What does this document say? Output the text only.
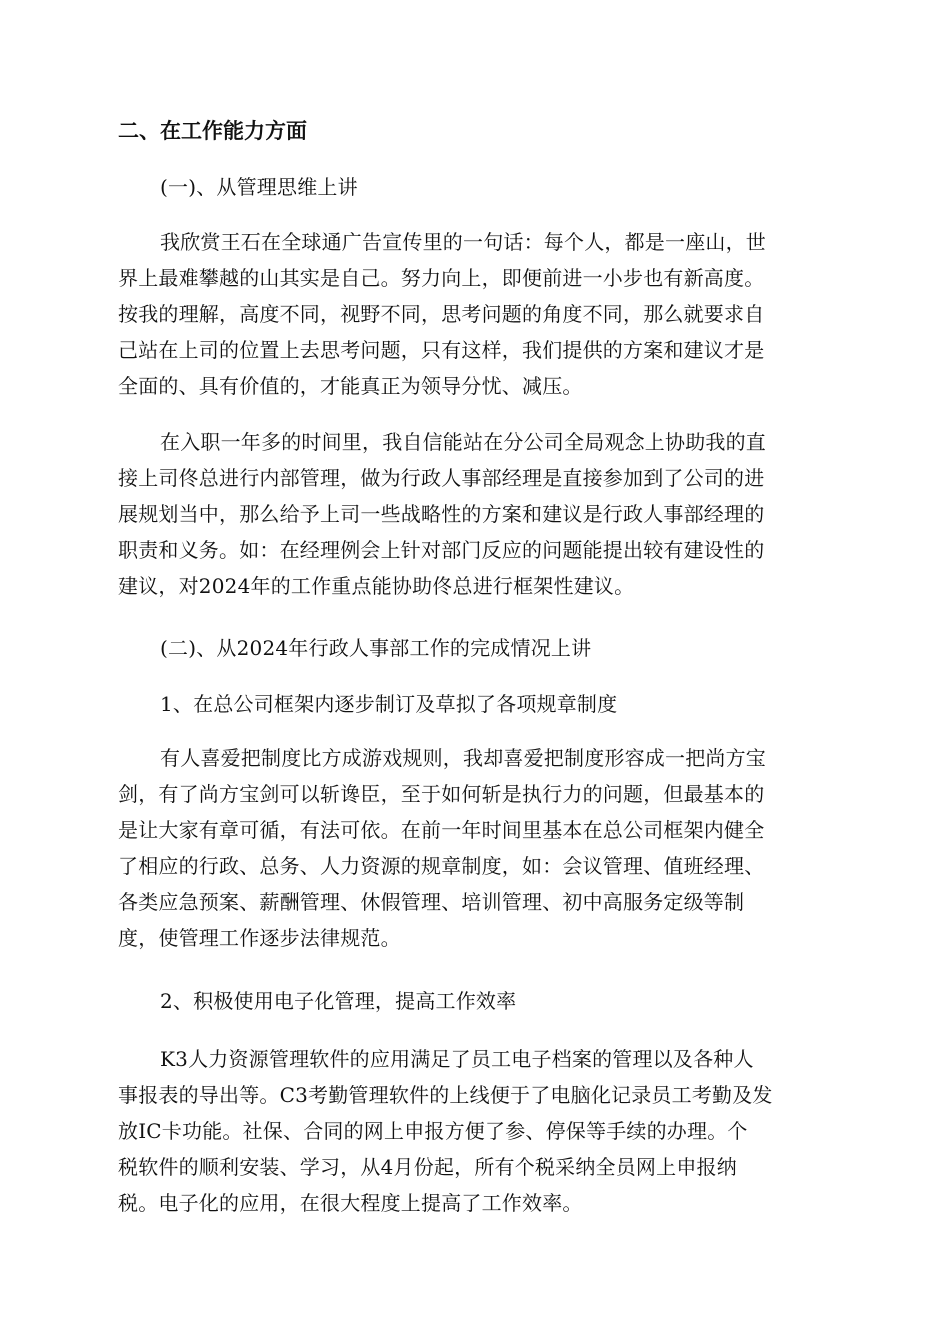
二、在工作能力方面
(一)、从管理思维上讲
我欣赏王石在全球通广告宣传里的一句话：每个人，都是一座山，世
界上最难攀越的山其实是自己。努力向上，即便前进一小步也有新高度。
按我的理解，高度不同，视野不同，思考问题的角度不同，那么就要求自
己站在上司的位置上去思考问题，只有这样，我们提供的方案和建议才是
全面的、具有价值的，才能真正为领导分忧、减压。
在入职一年多的时间里，我自信能站在分公司全局观念上协助我的直
接上司佟总进行内部管理，做为行政人事部经理是直接参加到了公司的进
展规划当中，那么给予上司一些战略性的方案和建议是行政人事部经理的
职责和义务。如：在经理例会上针对部门反应的问题能提出较有建设性的
建议，对2024年的工作重点能协助佟总进行框架性建议。
(二)、从2024年行政人事部工作的完成情况上讲
1、在总公司框架内逐步制订及草拟了各项规章制度
有人喜爱把制度比方成游戏规则，我却喜爱把制度形容成一把尚方宝
剑，有了尚方宝剑可以斩谗臣，至于如何斩是执行力的问题，但最基本的
是让大家有章可循，有法可依。在前一年时间里基本在总公司框架内健全
了相应的行政、总务、人力资源的规章制度，如：会议管理、值班经理、
各类应急预案、薪酬管理、休假管理、培训管理、初中高服务定级等制
度，使管理工作逐步法律规范。
2、积极使用电子化管理，提高工作效率
K3人力资源管理软件的应用满足了员工电子档案的管理以及各种人
事报表的导出等。C3考勤管理软件的上线便于了电脑化记录员工考勤及发
放IC卡功能。社保、合同的网上申报方便了参、停保等手续的办理。个
税软件的顺利安装、学习，从4月份起，所有个税采纳全员网上申报纳
税。电子化的应用，在很大程度上提高了工作效率。
